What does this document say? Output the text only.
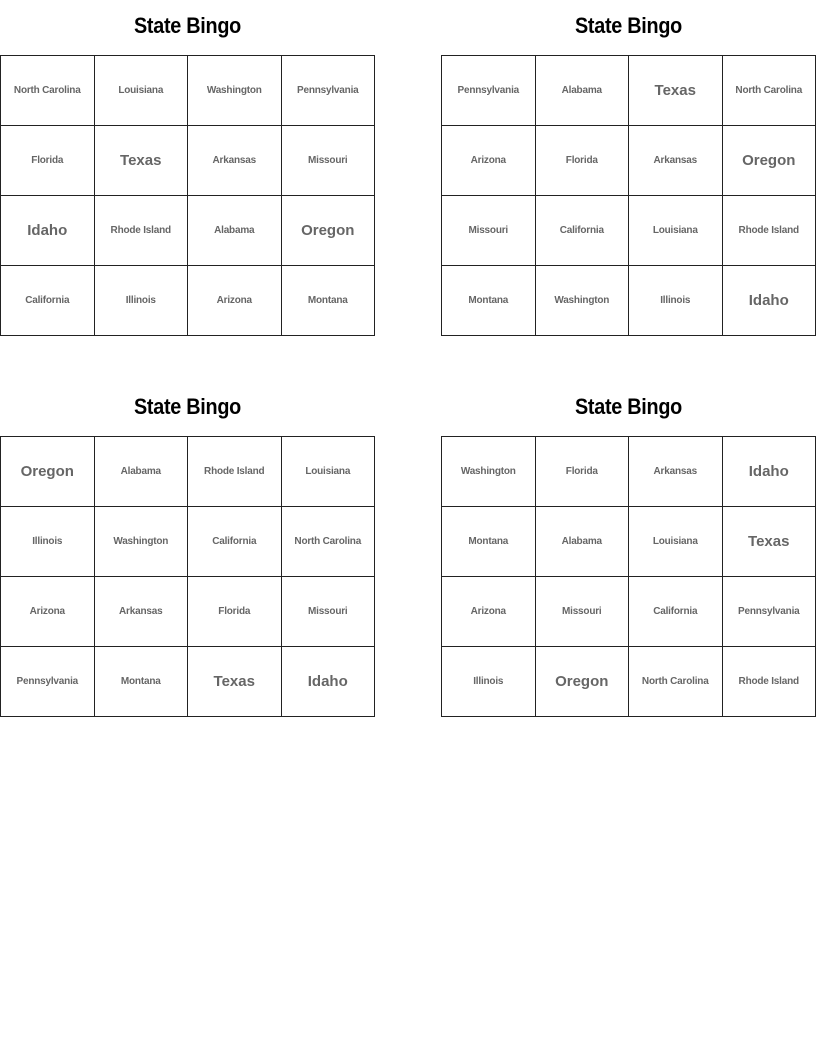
State Bingo
North Carolina	Louisiana	Washington	Pennsylvania
Florida	Texas	Arkansas	Missouri
Idaho	Rhode Island	Alabama	Oregon
California	Illinois	Arizona	Montana
State Bingo
Pennsylvania	Alabama	Texas	North Carolina
Arizona	Florida	Arkansas	Oregon
Missouri	California	Louisiana	Rhode Island
Montana	Washington	Illinois	Idaho
State Bingo
Oregon	Alabama	Rhode Island	Louisiana
Illinois	Washington	California	North Carolina
Arizona	Arkansas	Florida	Missouri
Pennsylvania	Montana	Texas	Idaho
State Bingo
Washington	Florida	Arkansas	Idaho
Montana	Alabama	Louisiana	Texas
Arizona	Missouri	California	Pennsylvania
Illinois	Oregon	North Carolina	Rhode Island
